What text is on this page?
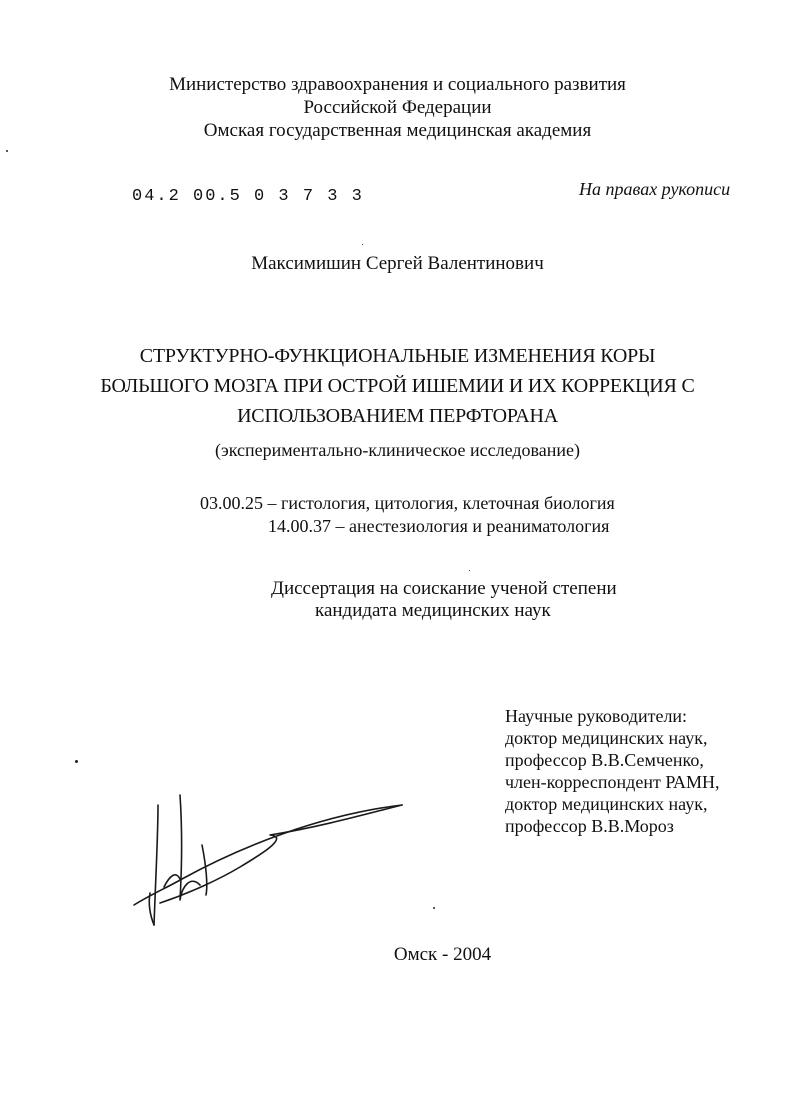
Министерство здравоохранения и социального развития
Российской Федерации
Омская государственная медицинская академия
04.2 00.5 0 3 7 3 3	На правах рукописи
Максимишин Сергей Валентинович
СТРУКТУРНО-ФУНКЦИОНАЛЬНЫЕ ИЗМЕНЕНИЯ КОРЫ
БОЛЬШОГО МОЗГА ПРИ ОСТРОЙ ИШЕМИИ И ИХ КОРРЕКЦИЯ С
ИСПОЛЬЗОВАНИЕМ ПЕРФТОРАНА
(экспериментально-клиническое исследование)
03.00.25 – гистология, цитология, клеточная биология
14.00.37 – анестезиология и реаниматология
Диссертация на соискание ученой степени
кандидата медицинских наук
Научные руководители:
доктор медицинских наук,
профессор В.В.Семченко,
член-корреспондент РАМН,
доктор медицинских наук,
профессор В.В.Мороз
Омск - 2004
